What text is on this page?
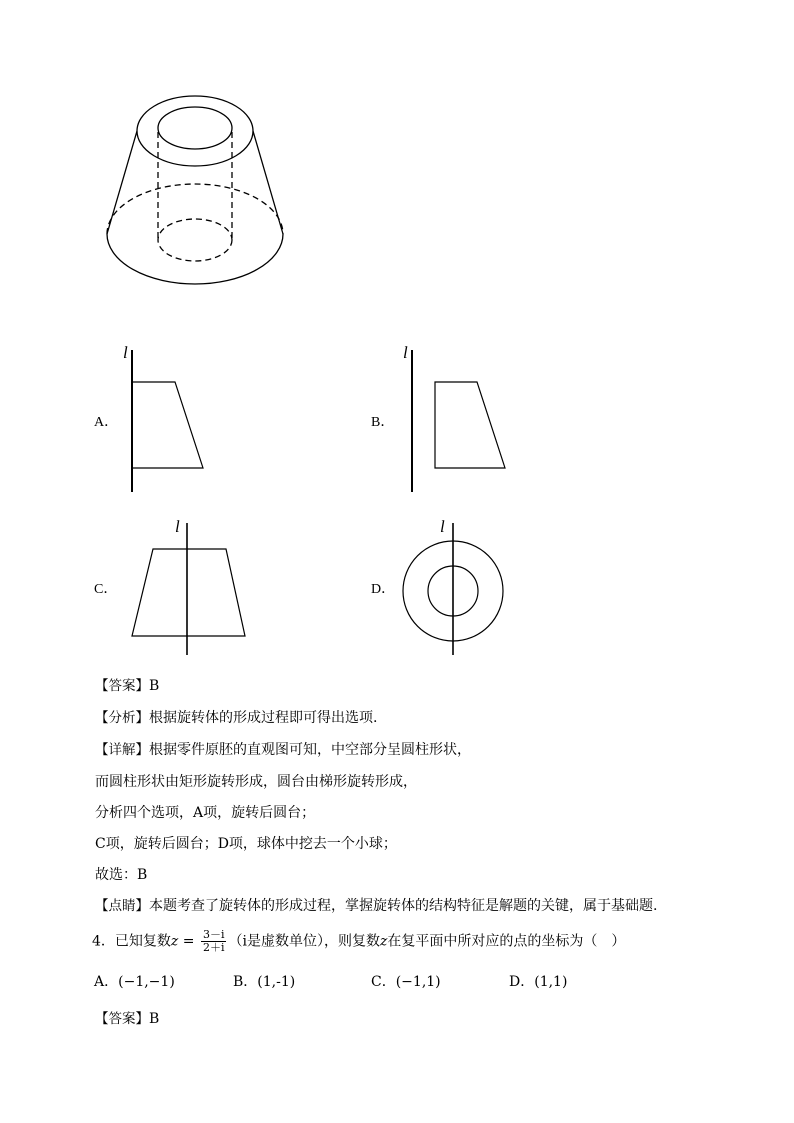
A．
l
B．
l
C．
l
D．
l
【答案】B
【分析】根据旋转体的形成过程即可得出选项.
【详解】根据零件原胚的直观图可知，中空部分呈圆柱形状，
而圆柱形状由矩形旋转形成，圆台由梯形旋转形成，
分析四个选项，A项，旋转后圆台；
C项，旋转后圆台；D项，球体中挖去一个小球；
故选：B
【点睛】本题考查了旋转体的形成过程，掌握旋转体的结构特征是解题的关键，属于基础题.
4．已知复数$z = \frac{3-i}{2+i} (i$是虚数单位），则复数z在复平面中所对应的点的坐标为（　）
A．(−1,−1)	B．(1,‐1)	C．(−1,1)	D．(1,1)
【答案】B
